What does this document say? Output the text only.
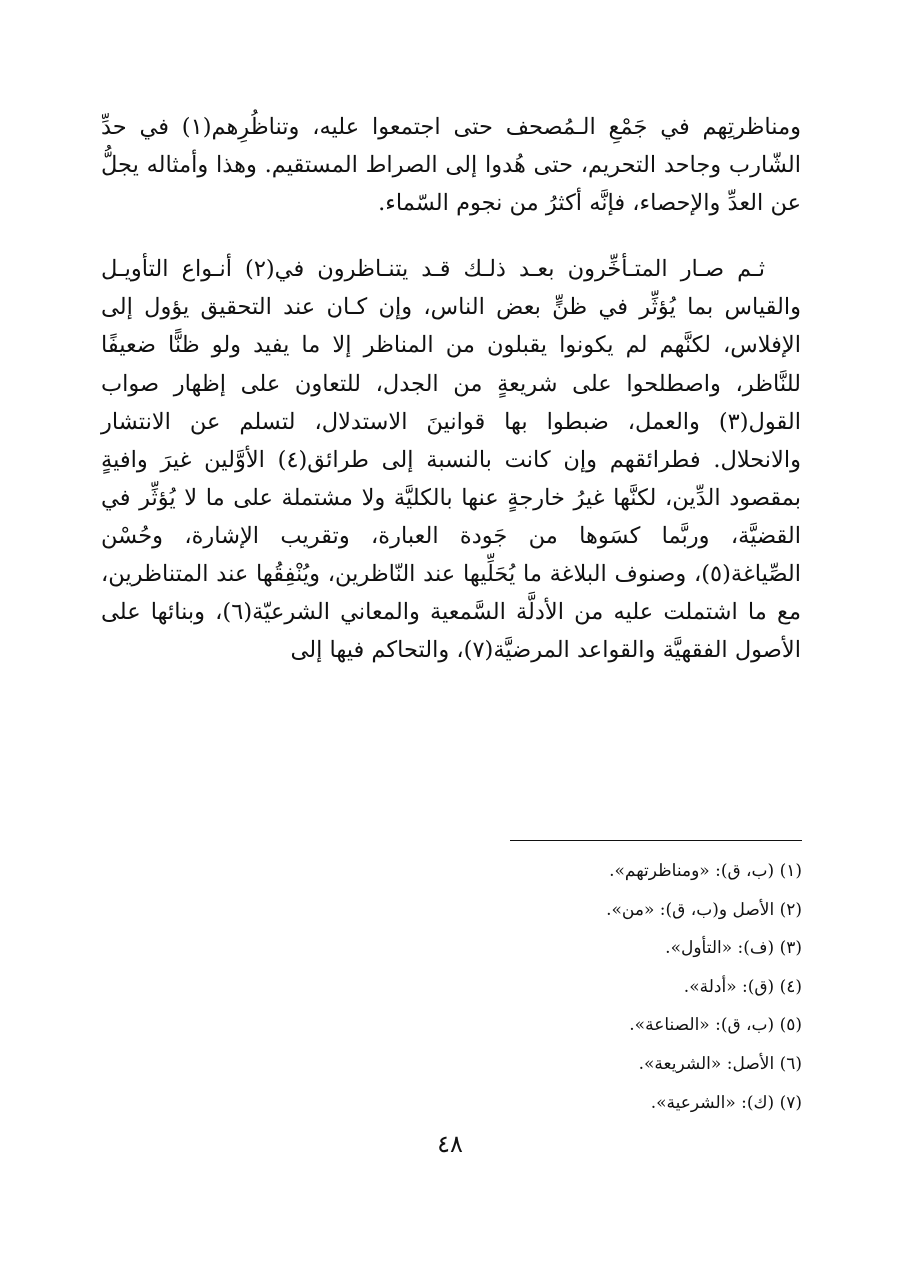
ومناظرتِهم في جَمْعِ الـمُصحف حتى اجتمعوا عليه، وتناظُرِهم(١) في حدِّ الشّارب وجاحد التحريم، حتى هُدوا إلى الصراط المستقيم. وهذا وأمثاله يجلُّ عن العدِّ والإحصاء، فإنَّه أكثرُ من نجوم السّماء.

ثـم صـار المتـأخِّرون بعـد ذلـك قـد يتنـاظرون في(٢) أنـواع التأويـل والقياس بما يُؤثِّر في ظنٍّ بعض الناس، وإن كـان عند التحقيق يؤول إلى الإفلاس، لكنَّهم لم يكونوا يقبلون من المناظر إلا ما يفيد ولو ظنًّا ضعيفًا للنَّاظر، واصطلحوا على شريعةٍ من الجدل، للتعاون على إظهار صواب القول(٣) والعمل، ضبطوا بها قوانينَ الاستدلال، لتسلم عن الانتشار والانحلال. فطرائقهم وإن كانت بالنسبة إلى طرائق(٤) الأوَّلين غيرَ وافيةٍ بمقصود الدِّين، لكنَّها غيرُ خارجةٍ عنها بالكليَّة ولا مشتملة على ما لا يُؤثِّر في القضيَّة، وربَّما كسَوها من جَودة العبارة، وتقريب الإشارة، وحُسْن الصِّياغة(٥)، وصنوف البلاغة ما يُحَلِّيها عند النّاظرين، ويُنْفِقُها عند المتناظرين، مع ما اشتملت عليه من الأدلَّة السَّمعية والمعاني الشرعيّة(٦)، وبنائها على الأصول الفقهيَّة والقواعد المرضيَّة(٧)، والتحاكم فيها إلى

(١) (ب، ق): «ومناظرتهم».
(٢) الأصل و(ب، ق): «من».
(٣) (ف): «التأول».
(٤) (ق): «أدلة».
(٥) (ب، ق): «الصناعة».
(٦) الأصل: «الشريعة».
(٧) (ك): «الشرعية».
٤٨
